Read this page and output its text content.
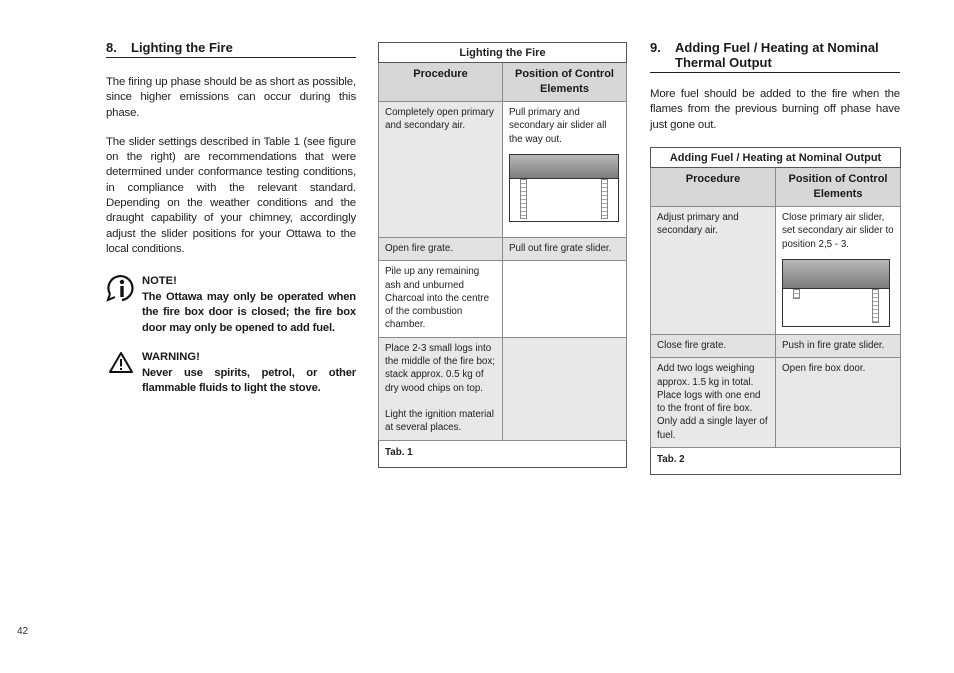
8.	Lighting the Fire

The firing up phase should be as short as possible, since higher emissions can occur during this phase.

The slider settings described in Table 1 (see figure on the right) are recommendations that were determined under conformance testing conditions, in compliance with the relevant standard. Depending on the weather conditions and the draught capability of your chimney, accordingly adjust the slider positions for your Ottawa to the local conditions.

NOTE!
The Ottawa may only be operated when the fire box door is closed; the fire box door may only be opened to add fuel.
WARNING!
Never use spirits, petrol, or other flammable fluids to light the stove.
Lighting the Fire	
Procedure	Position of Control Elements
Completely open primary and secondary air.	Pull primary and secondary air slider all the way out.

Open fire grate.	Pull out fire grate slider.
Pile up any remaining ash and unburned Charcoal into the centre of the combustion chamber.	

Place 2-3 small logs into the middle of the fire box; stack approx. 0.5 kg of dry wood chips on top.
Light the ignition material at several places.	

Tab. 1	
9.	Adding Fuel / Heating at Nominal Thermal Output

More fuel should be added to the fire when the flames from the previous burning off phase have just gone out.

Adding Fuel / Heating at Nominal Output	
Procedure	Position of Control Elements
Adjust primary and secondary air.	Close primary air slider, set secondary air slider to position 2,5 - 3.

Close fire grate.	Push in fire grate slider.
Add two logs weighing approx. 1.5 kg in total. Place logs with one end to the front of fire box. Only add a single layer of fuel.	Open fire box door.
Tab. 2	
42
